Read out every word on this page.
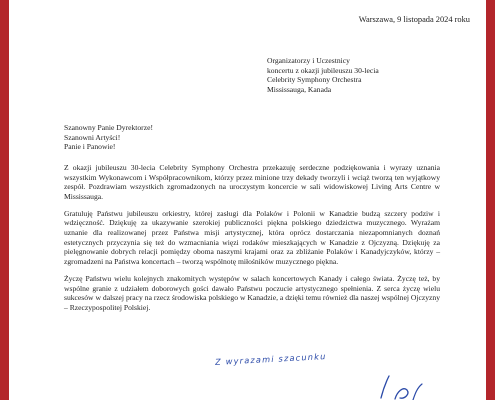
Warszawa, 9 listopada 2024 roku
Organizatorzy i Uczestnicy
koncertu z okazji jubileuszu 30-lecia
Celebrity Symphony Orchestra
Mississauga, Kanada
Szanowny Panie Dyrektorze!
Szanowni Artyści!
Panie i Panowie!

Z okazji jubileuszu 30-lecia Celebrity Symphony Orchestra przekazuję serdeczne podziękowania i wyrazy uznania wszystkim Wykonawcom i Współpracownikom, którzy przez minione trzy dekady tworzyli i wciąż tworzą ten wyjątkowy zespół. Pozdrawiam wszystkich zgromadzonych na uroczystym koncercie w sali widowiskowej Living Arts Centre w Mississauga.

Gratuluję Państwu jubileuszu orkiestry, której zasługi dla Polaków i Polonii w Kanadzie budzą szczery podziw i wdzięczność. Dziękuję za ukazywanie szerokiej publiczności piękna polskiego dziedzictwa muzycznego. Wyrażam uznanie dla realizowanej przez Państwa misji artystycznej, która oprócz dostarczania niezapomnianych doznań estetycznych przyczynia się też do wzmacniania więzi rodaków mieszkających w Kanadzie z Ojczyzną. Dziękuję za pielęgnowanie dobrych relacji pomiędzy oboma naszymi krajami oraz za zbliżanie Polaków i Kanadyjczyków, którzy – zgromadzeni na Państwa koncertach – tworzą wspólnotę miłośników muzycznego piękna.

Życzę Państwu wielu kolejnych znakomitych występów w salach koncertowych Kanady i całego świata. Życzę też, by wspólne granie z udziałem doborowych gości dawało Państwu poczucie artystycznego spełnienia. Z serca życzę wielu sukcesów w dalszej pracy na rzecz środowiska polskiego w Kanadzie, a dzięki temu również dla naszej wspólnej Ojczyzny – Rzeczypospolitej Polskiej.

Z wyrazami szacunku
